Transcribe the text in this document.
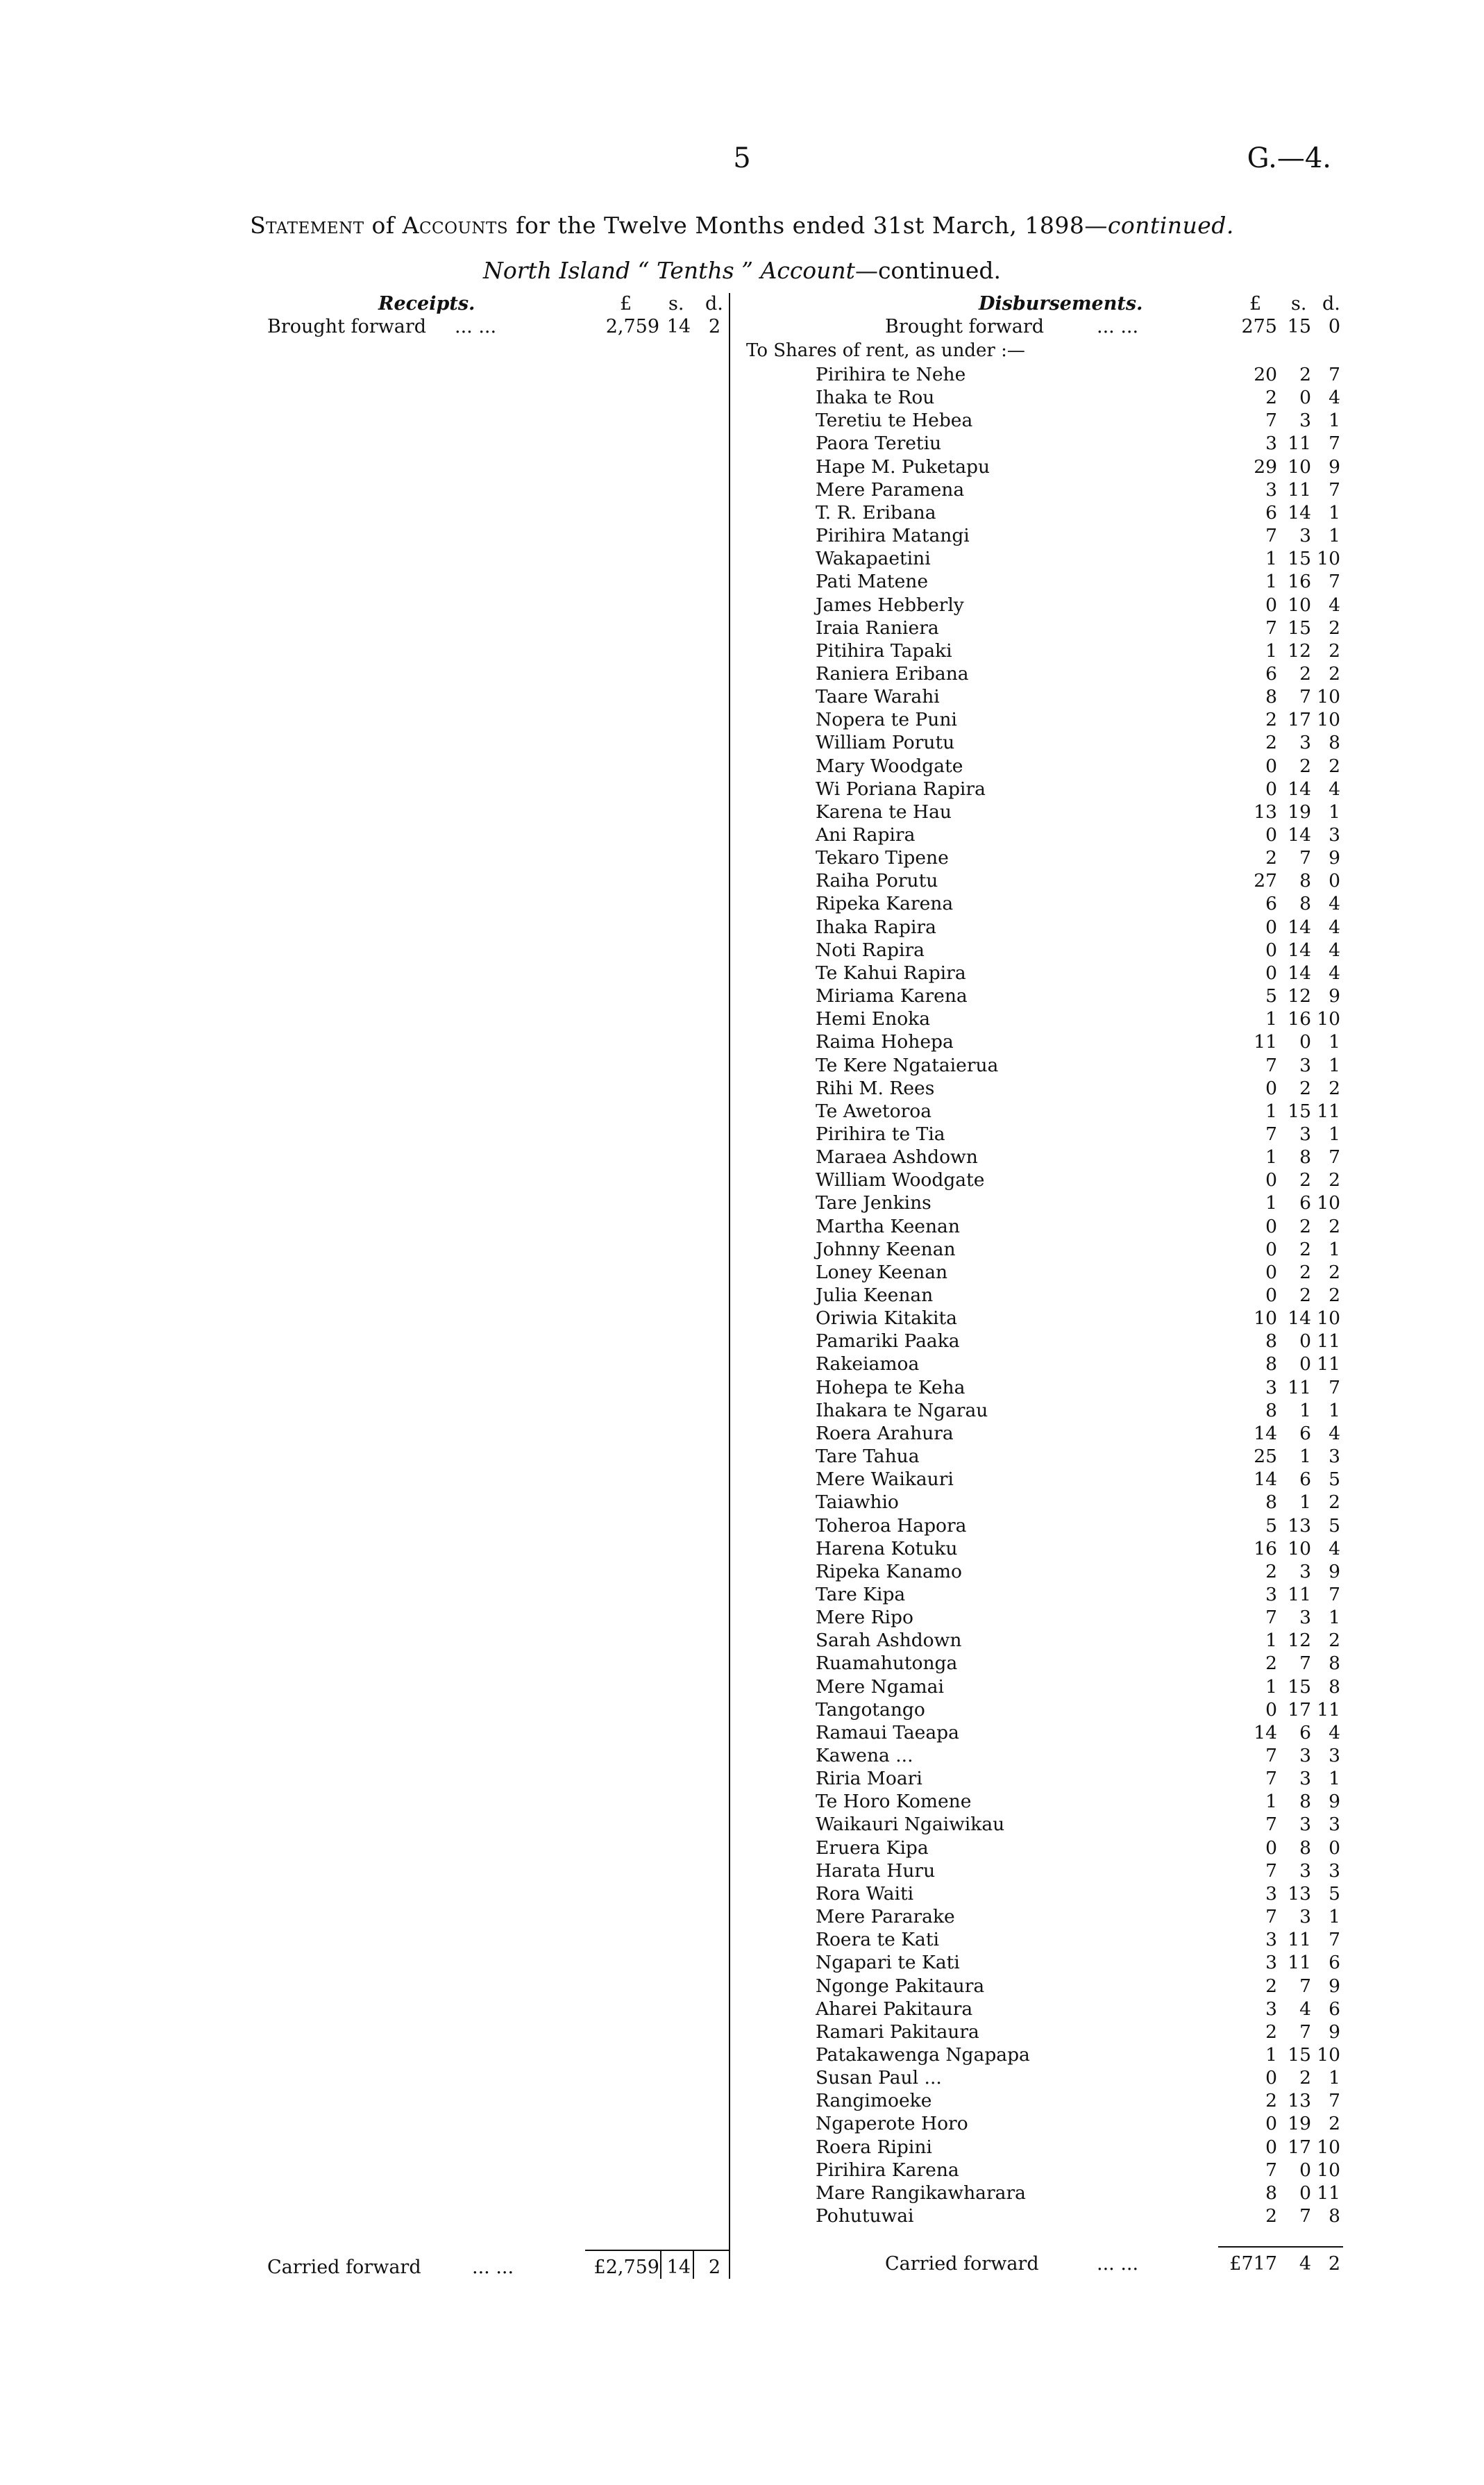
5	G.—4.
Statement of Accounts for the Twelve Months ended 31st March, 1898—continued.
North Island “ Tenths ” Account—continued.
Receipts.	£ s. d.
Brought forward ... ...	2,759 14 2
Carried forward	... ...	£2,759 14 2
Disbursements.	£ s. d.
Brought forward	... ...	275 15 0
To Shares of rent, as under :—
Pirihira te Nehe	20	2 7
Ihaka te Rou	2	0 4
Teretiu te Hebea	7	3 1
Paora Teretiu	3 11 7
Hape M. Puketapu	29 10 9
Mere Paramena	3 11 7
T. R. Eribana	6 14 1
Pirihira Matangi	7	3 1
Wakapaetini	1 15 10
Pati Matene	1 16 7
James Hebberly	0 10 4
Iraia Raniera	7 15 2
Pitihira Tapaki	1 12 2
Raniera Eribana	6	2 2
Taare Warahi	8	7 10
Nopera te Puni	2 17 10
William Porutu	2	3 8
Mary Woodgate	0	2 2
Wi Poriana Rapira	0 14 4
Karena te Hau	13 19 1
Ani Rapira	0 14 3
Tekaro Tipene	2	7 9
Raiha Porutu	27	8 0
Ripeka Karena	6	8 4
Ihaka Rapira	0 14 4
Noti Rapira	0 14 4
Te Kahui Rapira	0 14 4
Miriama Karena	5 12 9
Hemi Enoka	1 16 10
Raima Hohepa	11	0 1
Te Kere Ngataierua	7	3 1
Rihi M. Rees	0	2 2
Te Awetoroa	1 15 11
Pirihira te Tia	7	3 1
Maraea Ashdown	1	8 7
William Woodgate	0	2 2
Tare Jenkins	1	6 10
Martha Keenan	0	2 2
Johnny Keenan	0	2 1
Loney Keenan	0	2 2
Julia Keenan	0	2 2
Oriwia Kitakita	10 14 10
Pamariki Paaka	8	0 11
Rakeiamoa	8	0 11
Hohepa te Keha	3 11 7
Ihakara te Ngarau	8	1 1
Roera Arahura	14	6 4
Tare Tahua	25	1 3
Mere Waikauri	14	6 5
Taiawhio	8	1 2
Toheroa Hapora	5 13 5
Harena Kotuku	16 10 4
Ripeka Kanamo	2	3 9
Tare Kipa	3 11 7
Mere Ripo	7	3 1
Sarah Ashdown	1 12 2
Ruamahutonga	2	7 8
Mere Ngamai	1 15 8
Tangotango	0 17 11
Ramaui Taeapa	14	6 4
Kawena ...	7	3 3
Riria Moari	7	3 1
Te Horo Komene	1	8 9
Waikauri Ngaiwikau	7	3 3
Eruera Kipa	0	8 0
Harata Huru	7	3 3
Rora Waiti	3 13 5
Mere Pararake	7	3 1
Roera te Kati	3 11 7
Ngapari te Kati	3 11 6
Ngonge Pakitaura	2	7 9
Aharei Pakitaura	3	4 6
Ramari Pakitaura	2	7 9
Patakawenga Ngapapa	1 15 10
Susan Paul ...	0	2 1
Rangimoeke	2 13 7
Ngaperote Horo	0 19 2
Roera Ripini	0 17 10
Pirihira Karena	7	0 10
Mare Rangikawharara	8	0 11
Pohutuwai	2	7 8
Carried forward	... ...	£717	4 2
